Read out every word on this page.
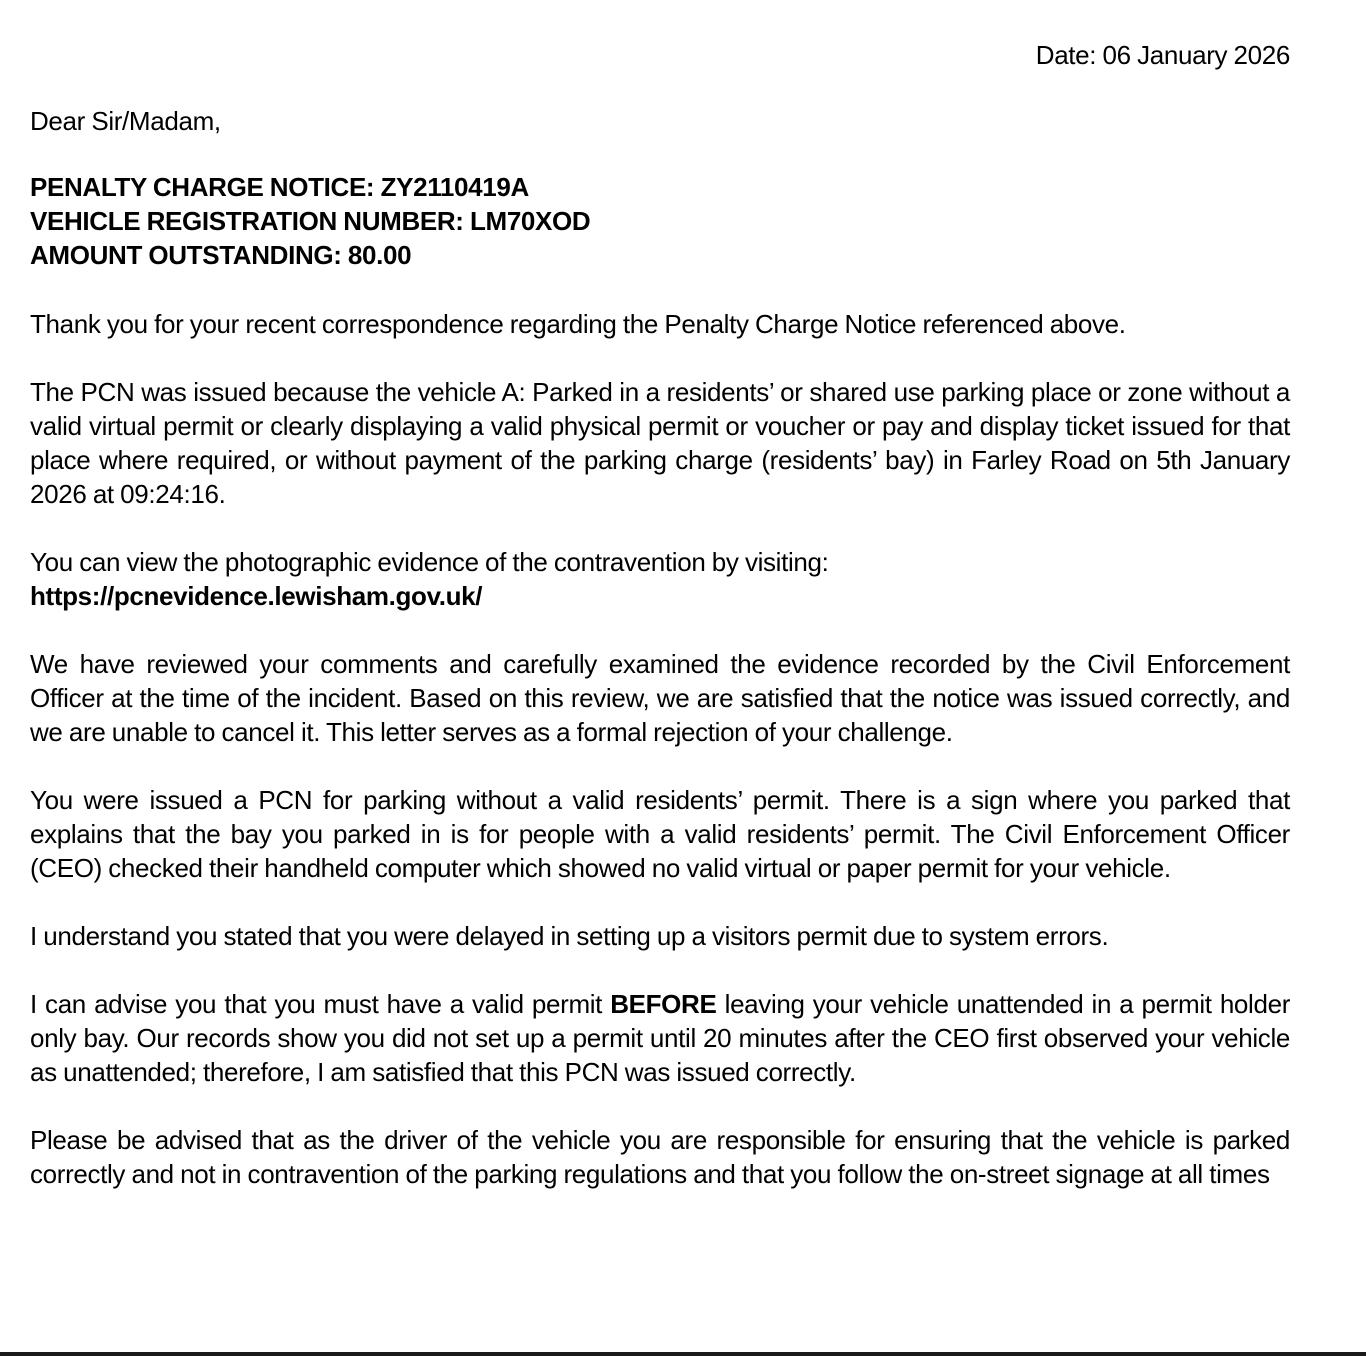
Date: 06 January 2026
Dear Sir/Madam,
PENALTY CHARGE NOTICE: ZY2110419A
VEHICLE REGISTRATION NUMBER: LM70XOD
AMOUNT OUTSTANDING: 80.00

Thank you for your recent correspondence regarding the Penalty Charge Notice referenced above.

The PCN was issued because the vehicle A: Parked in a residents’ or shared use parking place or zone without a valid virtual permit or clearly displaying a valid physical permit or voucher or pay and display ticket issued for that place where required, or without payment of the parking charge (residents’ bay) in Farley Road on 5th January 2026 at 09:24:16.

You can view the photographic evidence of the contravention by visiting:
https://pcnevidence.lewisham.gov.uk/

We have reviewed your comments and carefully examined the evidence recorded by the Civil Enforcement Officer at the time of the incident. Based on this review, we are satisfied that the notice was issued correctly, and we are unable to cancel it. This letter serves as a formal rejection of your challenge.

You were issued a PCN for parking without a valid residents’ permit. There is a sign where you parked that explains that the bay you parked in is for people with a valid residents’ permit. The Civil Enforcement Officer (CEO) checked their handheld computer which showed no valid virtual or paper permit for your vehicle.

I understand you stated that you were delayed in setting up a visitors permit due to system errors.

I can advise you that you must have a valid permit BEFORE leaving your vehicle unattended in a permit holder only bay. Our records show you did not set up a permit until 20 minutes after the CEO first observed your vehicle as unattended; therefore, I am satisfied that this PCN was issued correctly.

Please be advised that as the driver of the vehicle you are responsible for ensuring that the vehicle is parked correctly and not in contravention of the parking regulations and that you follow the on-street signage at all times
